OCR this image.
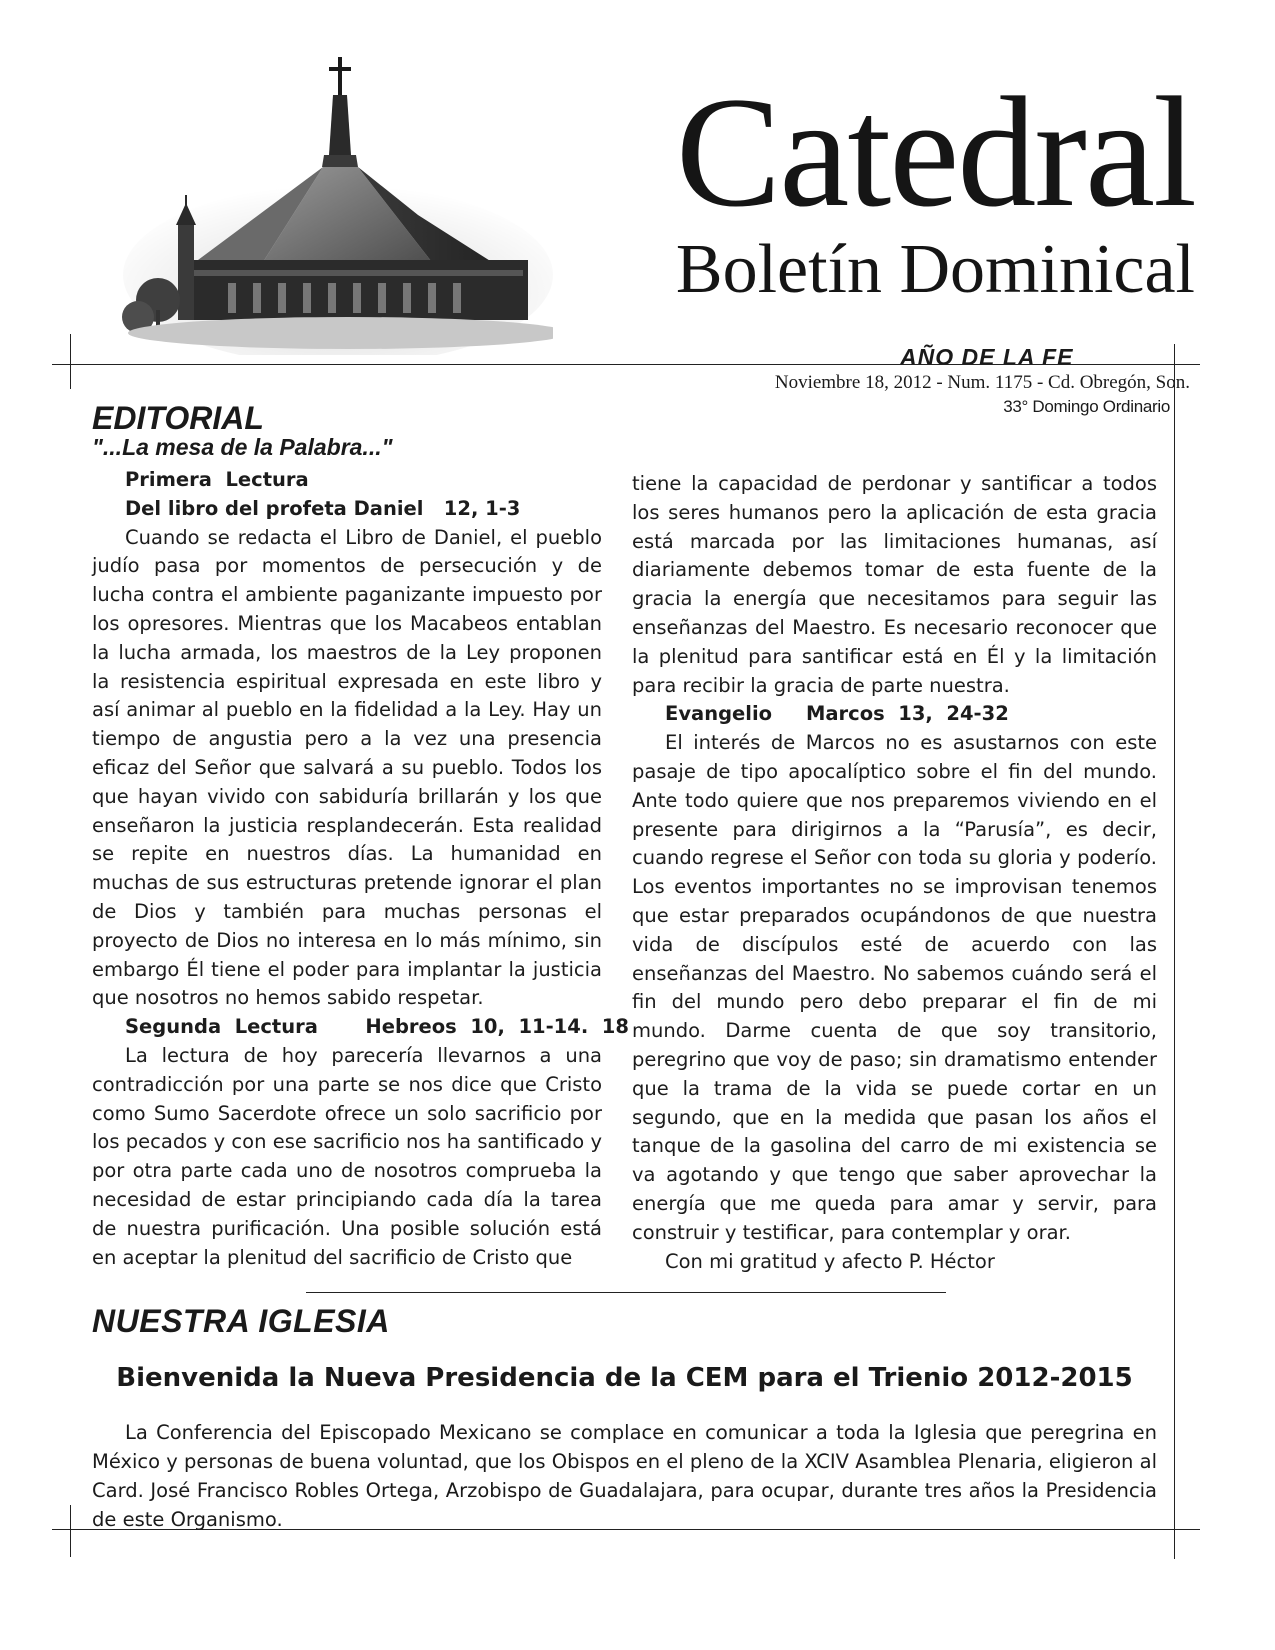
Catedral
Boletín Dominical
AÑO DE LA FE
Noviembre 18, 2012 - Num. 1175 - Cd. Obregón, Son.
33° Domingo Ordinario
EDITORIAL
"...La mesa de la Palabra..."
Primera  Lectura
Del libro del profeta Daniel   12, 1-3

Cuando se redacta el Libro de Daniel, el pueblo judío pasa por momentos de persecución y de lucha contra el ambiente paganizante impuesto por los opresores. Mientras que los Macabeos entablan la lucha armada, los maestros de la Ley proponen la resistencia espiritual expresada en este libro y así animar al pueblo en la fidelidad a la Ley. Hay un tiempo de angustia pero a la vez una presencia eficaz del Señor que salvará a su pueblo. Todos los que hayan vivido con sabiduría brillarán y los que enseñaron la justicia resplandecerán. Esta realidad se repite en nuestros días. La humanidad en muchas de sus estructuras pretende ignorar el plan de Dios y también para muchas personas el proyecto de Dios no interesa en lo más mínimo, sin embargo Él tiene el poder para implantar la justicia que nosotros no hemos sabido respetar.

Segunda  Lectura       Hebreos  10,  11-14.  18

La lectura de hoy parecería llevarnos a una contradicción por una parte se nos dice que Cristo como Sumo Sacerdote ofrece un solo sacrificio por los pecados y con ese sacrificio nos ha santificado y por otra parte cada uno de nosotros comprueba la necesidad de estar principiando cada día la tarea de nuestra purificación. Una posible solución está en aceptar la plenitud del sacrificio de Cristo que

tiene la capacidad de perdonar y santificar a todos los seres humanos pero la aplicación de esta gracia está marcada por las limitaciones humanas, así diariamente debemos tomar de esta fuente de la gracia la energía que necesitamos para seguir las enseñanzas del Maestro. Es necesario reconocer que la plenitud para santificar está en Él y la limitación para recibir la gracia de parte nuestra.

Evangelio     Marcos  13,  24-32

El interés de Marcos no es asustarnos con este pasaje de tipo apocalíptico sobre el fin del mundo. Ante todo quiere que nos preparemos viviendo en el presente para dirigirnos a la “Parusía”, es decir, cuando regrese el Señor con toda su gloria y poderío. Los eventos importantes no se improvisan tenemos que estar preparados ocupándonos de que nuestra vida de discípulos esté de acuerdo con las enseñanzas del Maestro. No sabemos cuándo será el fin del mundo pero debo preparar el fin de mi mundo. Darme cuenta de que soy transitorio, peregrino que voy de paso; sin dramatismo entender que la trama de la vida se puede cortar en un segundo, que en la medida que pasan los años el tanque de la gasolina del carro de mi existencia se va agotando y que tengo que saber aprovechar la energía que me queda para amar y servir, para construir y testificar, para contemplar y orar.

Con mi gratitud y afecto P. Héctor

NUESTRA IGLESIA
Bienvenida la Nueva Presidencia de la CEM para el Trienio 2012-2015

La Conferencia del Episcopado Mexicano se complace en comunicar a toda la Iglesia que peregrina en México y personas de buena voluntad, que los Obispos en el pleno de la XCIV Asamblea Plenaria, eligieron al Card. José Francisco Robles Ortega, Arzobispo de Guadalajara, para ocupar, durante tres años la Presidencia de este Organismo.
